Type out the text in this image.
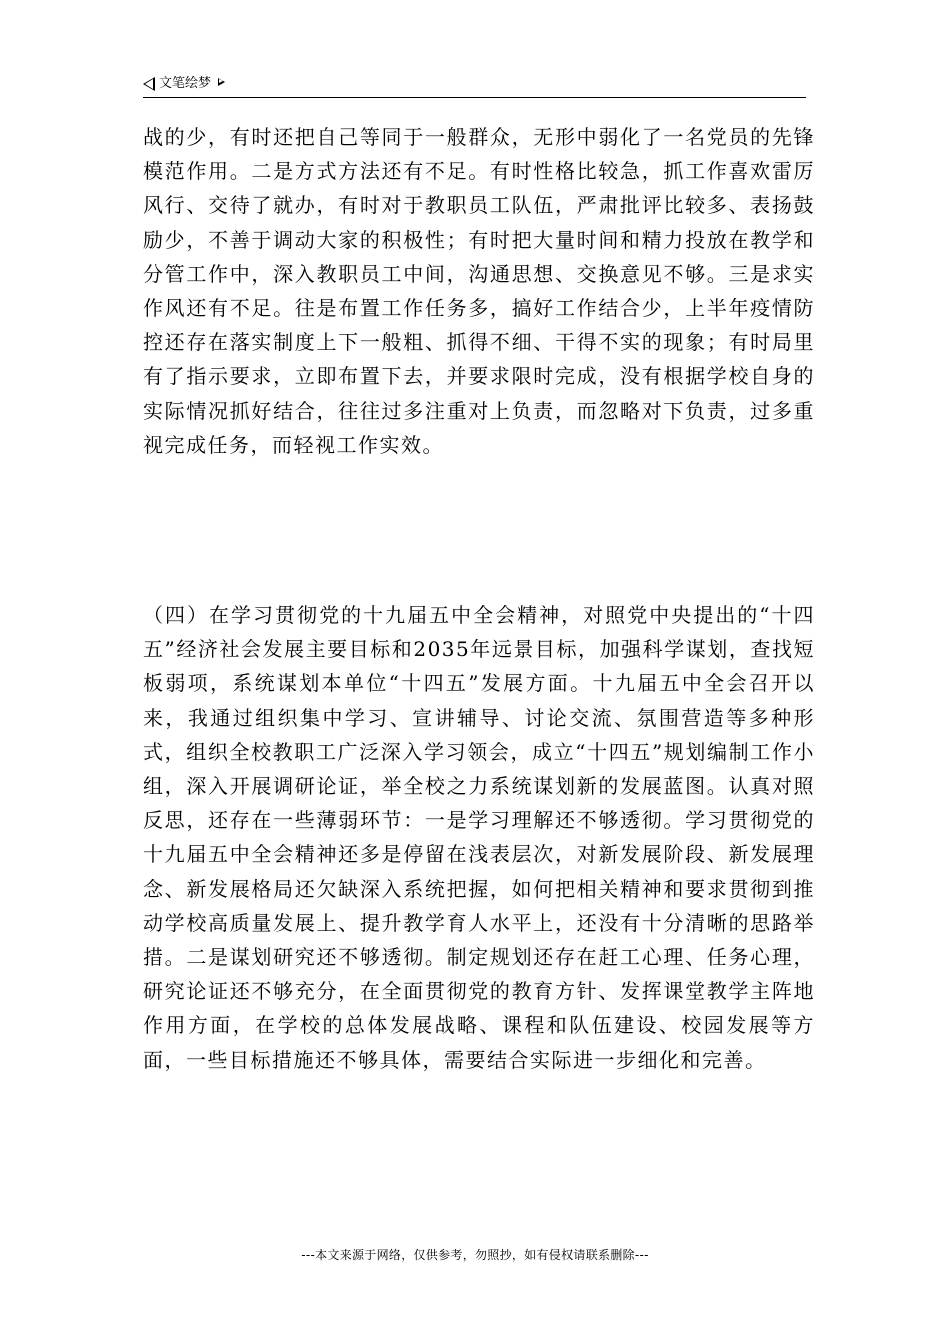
文笔绘梦

战的少，有时还把自己等同于一般群众，无形中弱化了一名党员的先锋模范作用。二是方式方法还有不足。有时性格比较急，抓工作喜欢雷厉风行、交待了就办，有时对于教职员工队伍，严肃批评比较多、表扬鼓励少，不善于调动大家的积极性；有时把大量时间和精力投放在教学和分管工作中，深入教职员工中间，沟通思想、交换意见不够。三是求实作风还有不足。往是布置工作任务多，搞好工作结合少，上半年疫情防控还存在落实制度上下一般粗、抓得不细、干得不实的现象；有时局里有了指示要求，立即布置下去，并要求限时完成，没有根据学校自身的实际情况抓好结合，往往过多注重对上负责，而忽略对下负责，过多重视完成任务，而轻视工作实效。

（四）在学习贯彻党的十九届五中全会精神，对照党中央提出的“十四五”经济社会发展主要目标和2035年远景目标，加强科学谋划，查找短板弱项，系统谋划本单位“十四五”发展方面。十九届五中全会召开以来，我通过组织集中学习、宣讲辅导、讨论交流、氛围营造等多种形式，组织全校教职工广泛深入学习领会，成立“十四五”规划编制工作小组，深入开展调研论证，举全校之力系统谋划新的发展蓝图。认真对照反思，还存在一些薄弱环节：一是学习理解还不够透彻。学习贯彻党的十九届五中全会精神还多是停留在浅表层次，对新发展阶段、新发展理念、新发展格局还欠缺深入系统把握，如何把相关精神和要求贯彻到推动学校高质量发展上、提升教学育人水平上，还没有十分清晰的思路举措。二是谋划研究还不够透彻。制定规划还存在赶工心理、任务心理，研究论证还不够充分，在全面贯彻党的教育方针、发挥课堂教学主阵地作用方面，在学校的总体发展战略、课程和队伍建设、校园发展等方面，一些目标措施还不够具体，需要结合实际进一步细化和完善。

---本文来源于网络，仅供参考，勿照抄，如有侵权请联系删除---
